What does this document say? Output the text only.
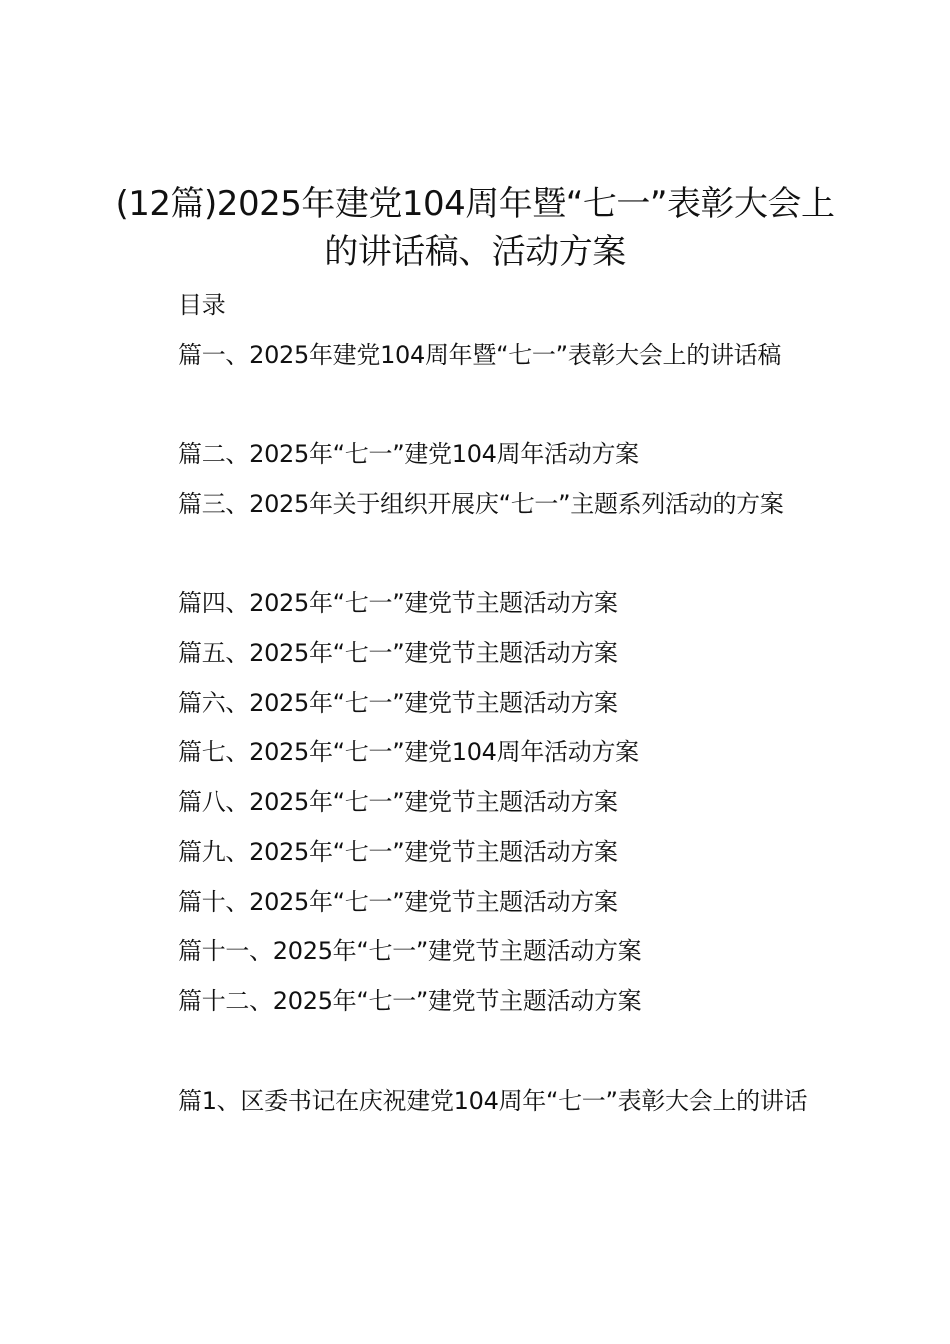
(12篇)2025年建党104周年暨“七一”表彰大会上的讲话稿、活动方案
目录
篇一、2025年建党104周年暨“七一”表彰大会上的讲话稿
篇二、2025年“七一”建党104周年活动方案
篇三、2025年关于组织开展庆“七一”主题系列活动的方案
篇四、2025年“七一”建党节主题活动方案
篇五、2025年“七一”建党节主题活动方案
篇六、2025年“七一”建党节主题活动方案
篇七、2025年“七一”建党104周年活动方案
篇八、2025年“七一”建党节主题活动方案
篇九、2025年“七一”建党节主题活动方案
篇十、2025年“七一”建党节主题活动方案
篇十一、2025年“七一”建党节主题活动方案
篇十二、2025年“七一”建党节主题活动方案
篇1、区委书记在庆祝建党104周年“七一”表彰大会上的讲话
